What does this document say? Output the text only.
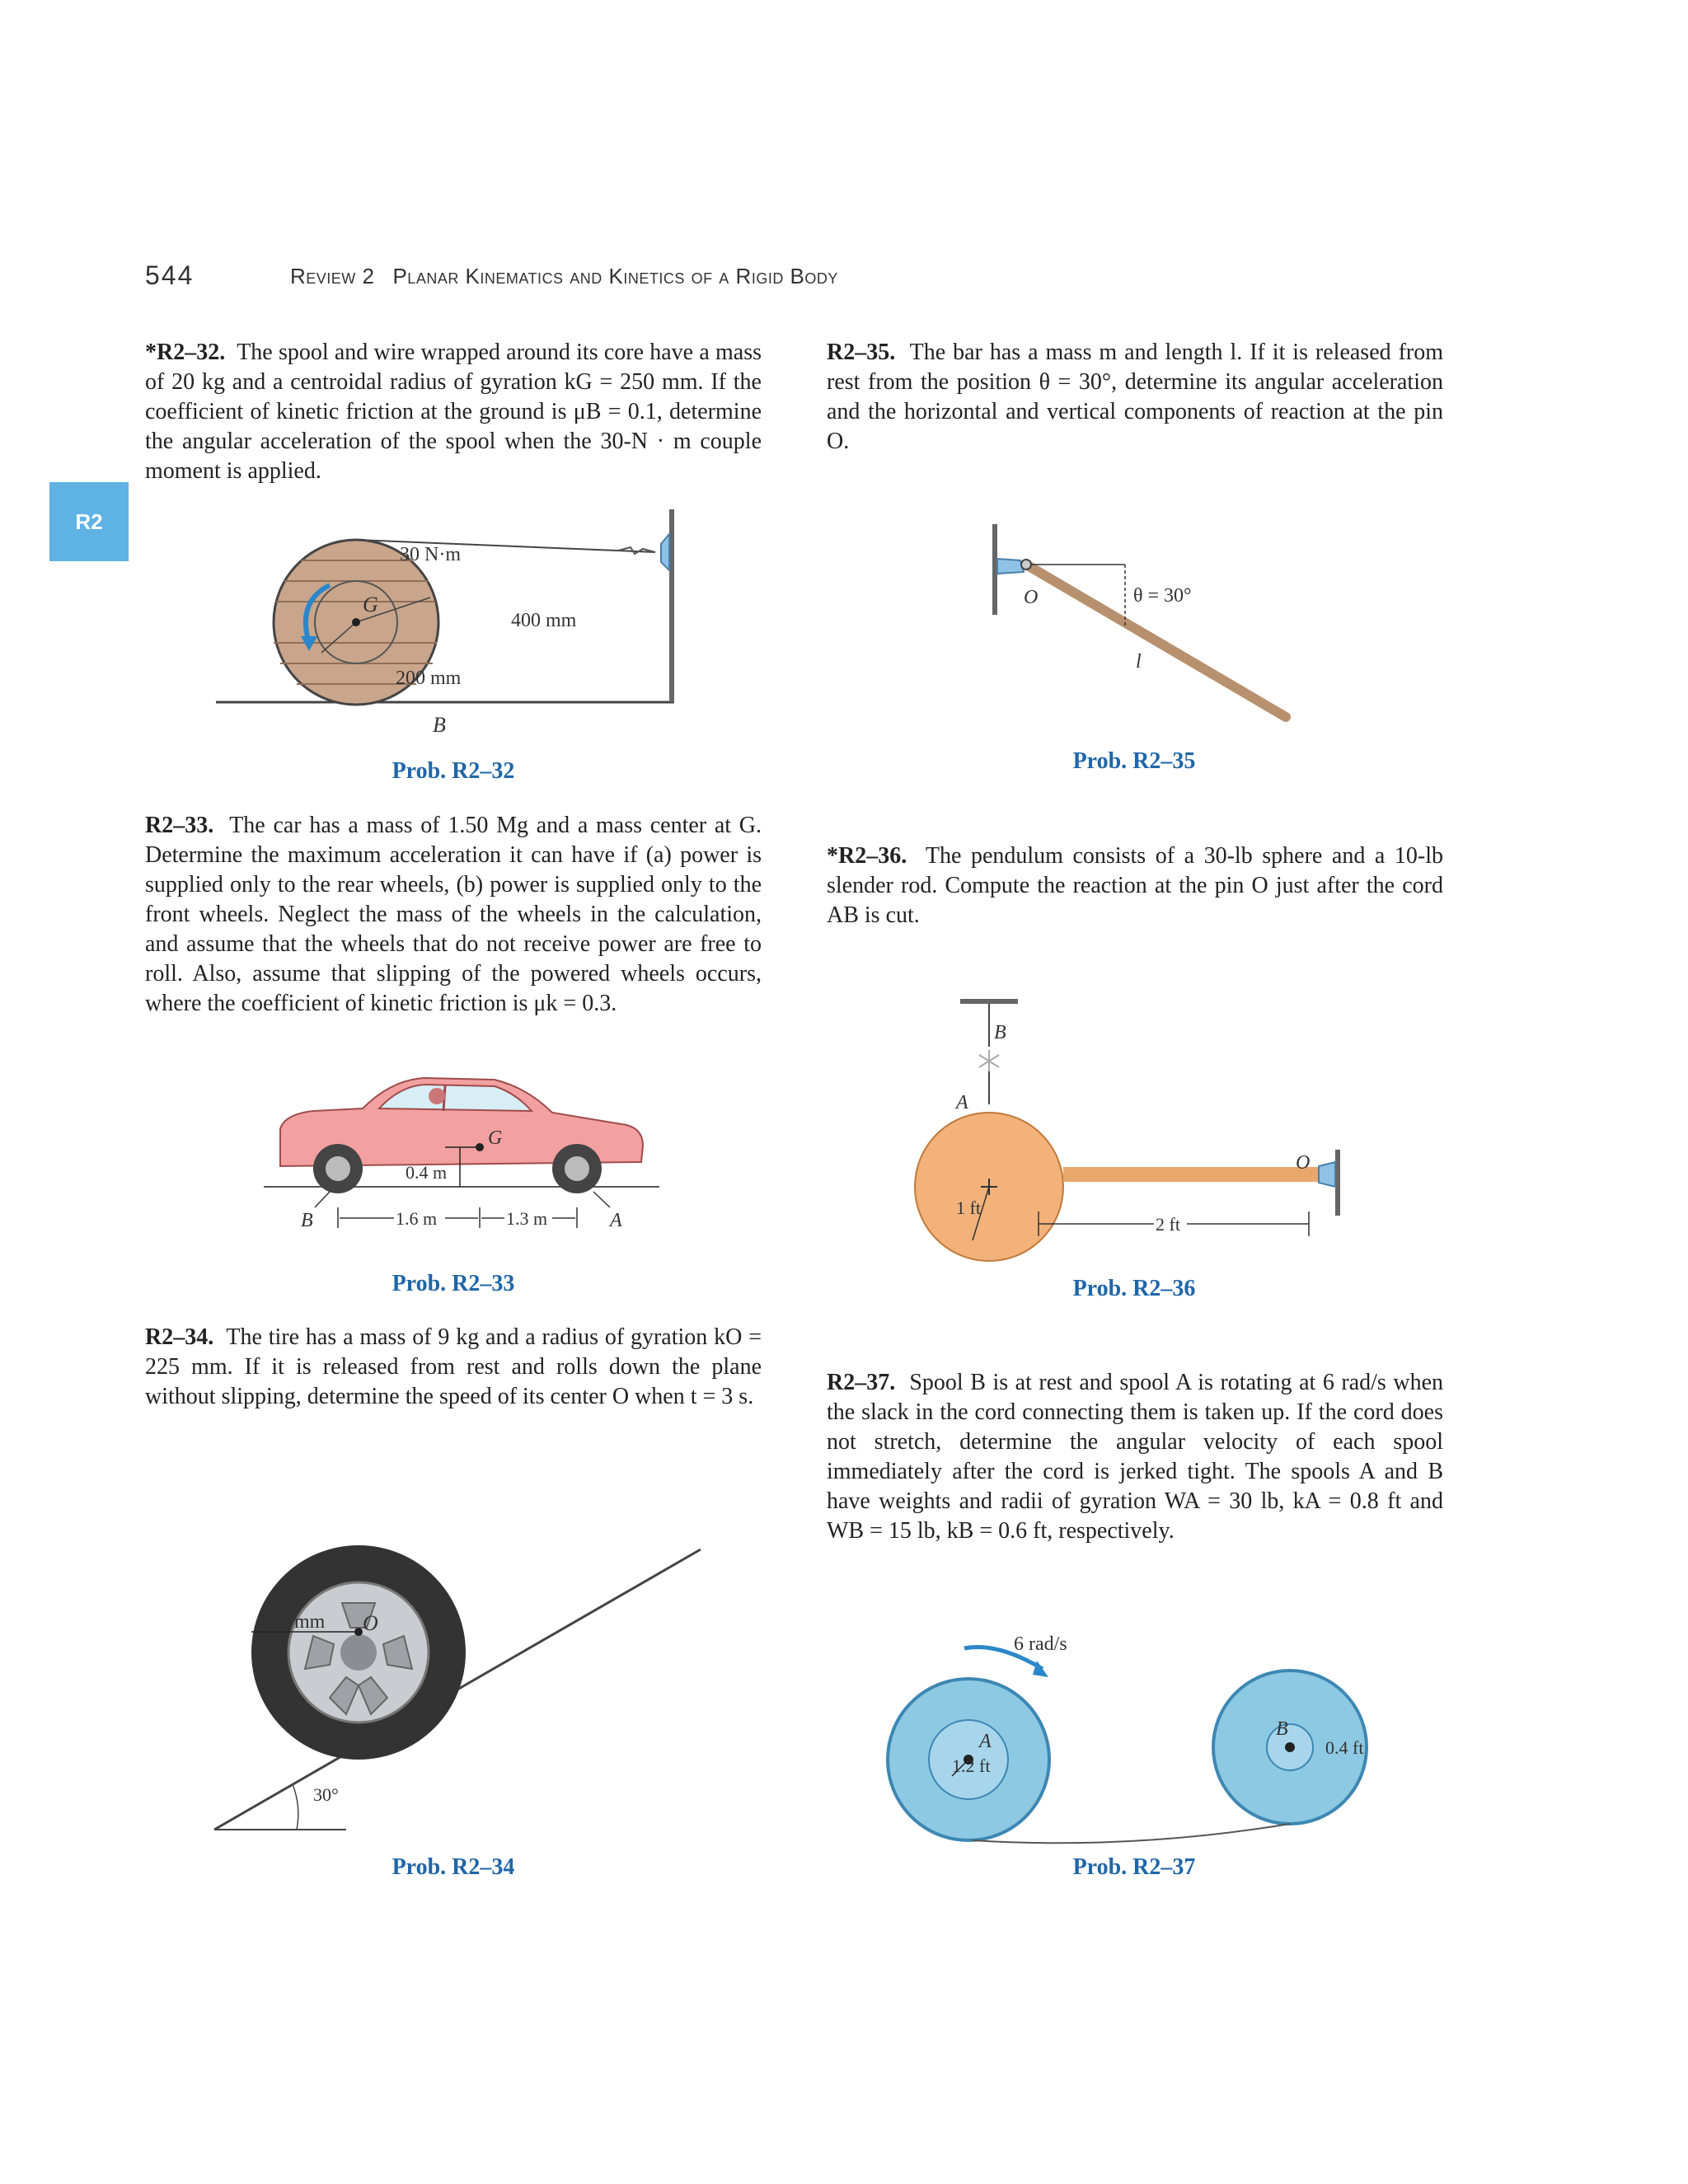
544	Review 2 Planar Kinematics and Kinetics of a Rigid Body
R2
*R2–32. The spool and wire wrapped around its core have a mass of 20 kg and a centroidal radius of gyration kG = 250 mm. If the coefficient of kinetic friction at the ground is μB = 0.1, determine the angular acceleration of the spool when the 30-N · m couple moment is applied.
30 N·m
G
400 mm
200 mm
B
Prob. R2–32
R2–33. The car has a mass of 1.50 Mg and a mass center at G. Determine the maximum acceleration it can have if (a) power is supplied only to the rear wheels, (b) power is supplied only to the front wheels. Neglect the mass of the wheels in the calculation, and assume that the wheels that do not receive power are free to roll. Also, assume that slipping of the powered wheels occurs, where the coefficient of kinetic friction is μk = 0.3.
0.4 m
G
B	A
1.6 m	1.3 m
Prob. R2–33
R2–34. The tire has a mass of 9 kg and a radius of gyration kO = 225 mm. If it is released from rest and rolls down the plane without slipping, determine the speed of its center O when t = 3 s.
300 mm O
30°
Prob. R2–34
R2–35. The bar has a mass m and length l. If it is released from rest from the position θ = 30°, determine its angular acceleration and the horizontal and vertical components of reaction at the pin O.
O	θ = 30°
l
Prob. R2–35
*R2–36. The pendulum consists of a 30-lb sphere and a 10-lb slender rod. Compute the reaction at the pin O just after the cord AB is cut.
B
A
O
1 ft
2 ft
Prob. R2–36
R2–37. Spool B is at rest and spool A is rotating at 6 rad/s when the slack in the cord connecting them is taken up. If the cord does not stretch, determine the angular velocity of each spool immediately after the cord is jerked tight. The spools A and B have weights and radii of gyration WA = 30 lb, kA = 0.8 ft and WB = 15 lb, kB = 0.6 ft, respectively.
6 rad/s
A
1.2 ft
B
0.4 ft
Prob. R2–37
